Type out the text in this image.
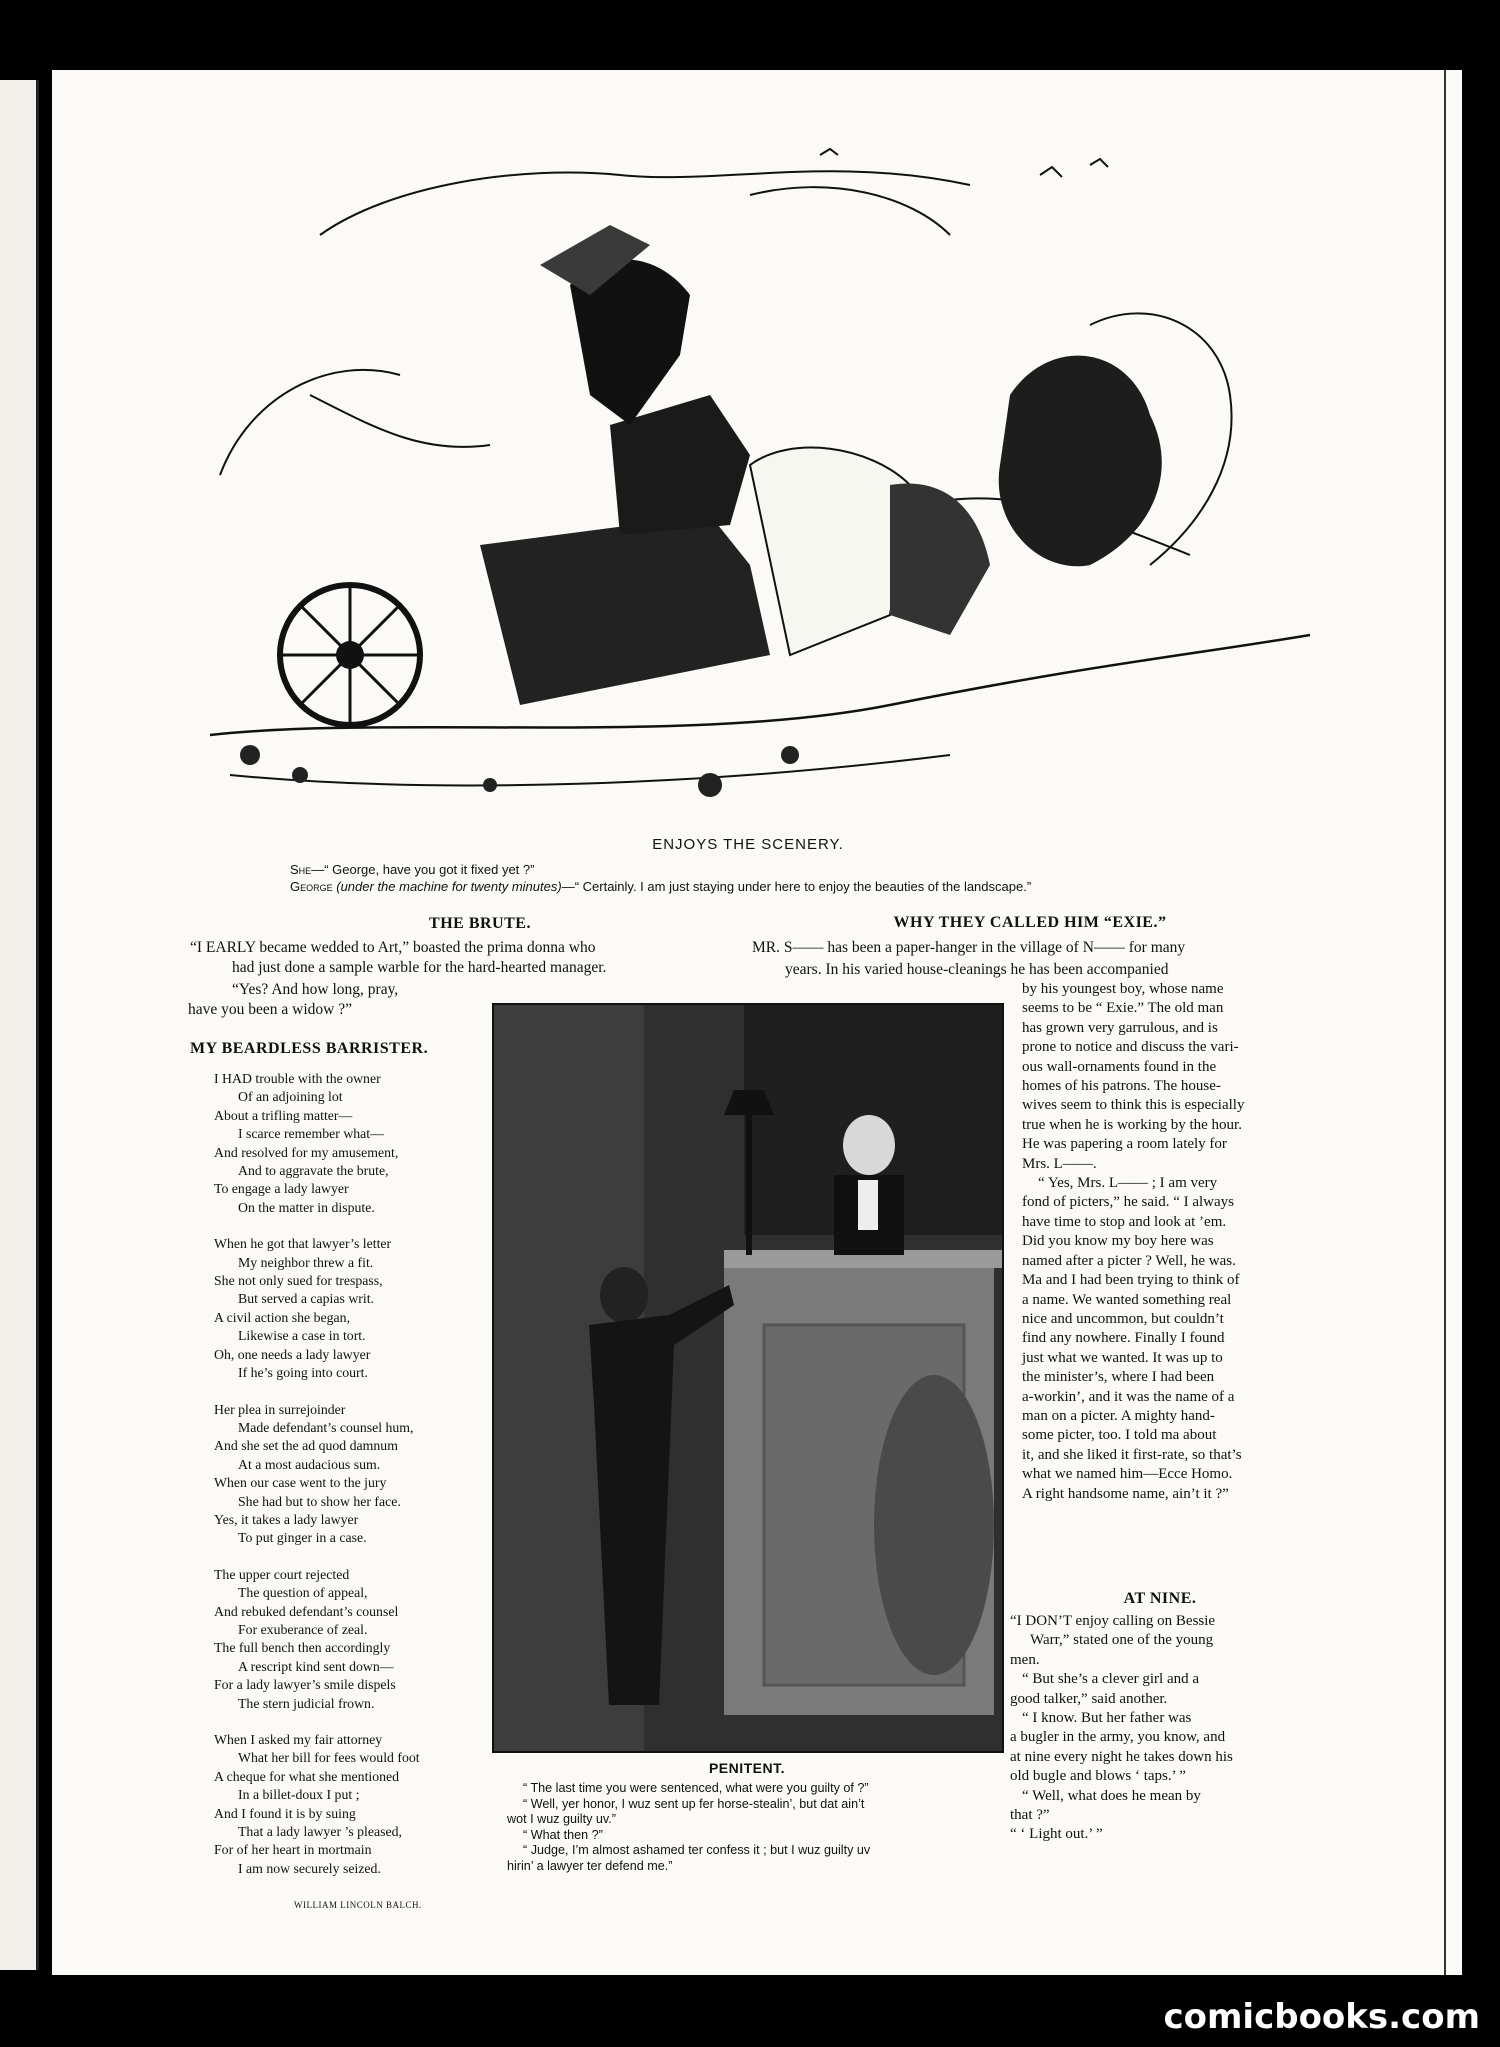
ENJOYS THE SCENERY.
She—“ George, have you got it fixed yet ?”
George (under the machine for twenty minutes)—“ Certainly. I am just staying under here to enjoy the beauties of the landscape.”
THE BRUTE.
“I EARLY became wedded to Art,” boasted the prima donna who
had just done a sample warble for the hard-hearted manager.
“Yes? And how long, pray,
have you been a widow ?”
MY BEARDLESS BARRISTER.
I HAD trouble with the owner
Of an adjoining lot
About a trifling matter—
I scarce remember what—
And resolved for my amusement,
And to aggravate the brute,
To engage a lady lawyer
On the matter in dispute.
When he got that lawyer’s letter
My neighbor threw a fit.
She not only sued for trespass,
But served a capias writ.
A civil action she began,
Likewise a case in tort.
Oh, one needs a lady lawyer
If he’s going into court.
Her plea in surrejoinder
Made defendant’s counsel hum,
And she set the ad quod damnum
At a most audacious sum.
When our case went to the jury
She had but to show her face.
Yes, it takes a lady lawyer
To put ginger in a case.
The upper court rejected
The question of appeal,
And rebuked defendant’s counsel
For exuberance of zeal.
The full bench then accordingly
A rescript kind sent down—
For a lady lawyer’s smile dispels
The stern judicial frown.
When I asked my fair attorney
What her bill for fees would foot
A cheque for what she mentioned
In a billet-doux I put ;
And I found it is by suing
That a lady lawyer ’s pleased,
For of her heart in mortmain
I am now securely seized.
WILLIAM LINCOLN BALCH.
PENITENT.
“ The last time you were sentenced, what were you guilty of ?”
“ Well, yer honor, I wuz sent up fer horse-stealin’, but dat ain’t
wot I wuz guilty uv.”
“ What then ?”
“ Judge, I’m almost ashamed ter confess it ; but I wuz guilty uv
hirin’ a lawyer ter defend me.”
WHY THEY CALLED HIM “EXIE.”
MR. S—— has been a paper-hanger in the village of N—— for many
years. In his varied house-cleanings he has been accompanied
by his youngest boy, whose name
seems to be “ Exie.” The old man
has grown very garrulous, and is
prone to notice and discuss the vari-
ous wall-ornaments found in the
homes of his patrons. The house-
wives seem to think this is especially
true when he is working by the hour.
He was papering a room lately for
Mrs. L——.
“ Yes, Mrs. L—— ; I am very
fond of picters,” he said. “ I always
have time to stop and look at ’em.
Did you know my boy here was
named after a picter ? Well, he was.
Ma and I had been trying to think of
a name. We wanted something real
nice and uncommon, but couldn’t
find any nowhere. Finally I found
just what we wanted. It was up to
the minister’s, where I had been
a-workin’, and it was the name of a
man on a picter. A mighty hand-
some picter, too. I told ma about
it, and she liked it first-rate, so that’s
what we named him—Ecce Homo.
A right handsome name, ain’t it ?”
AT NINE.
“I DON’T enjoy calling on Bessie
Warr,” stated one of the young
men.
“ But she’s a clever girl and a
good talker,” said another.
“ I know. But her father was
a bugler in the army, you know, and
at nine every night he takes down his
old bugle and blows ‘ taps.’ ”
“ Well, what does he mean by
that ?”
“ ‘ Light out.’ ”
comicbooks.com
